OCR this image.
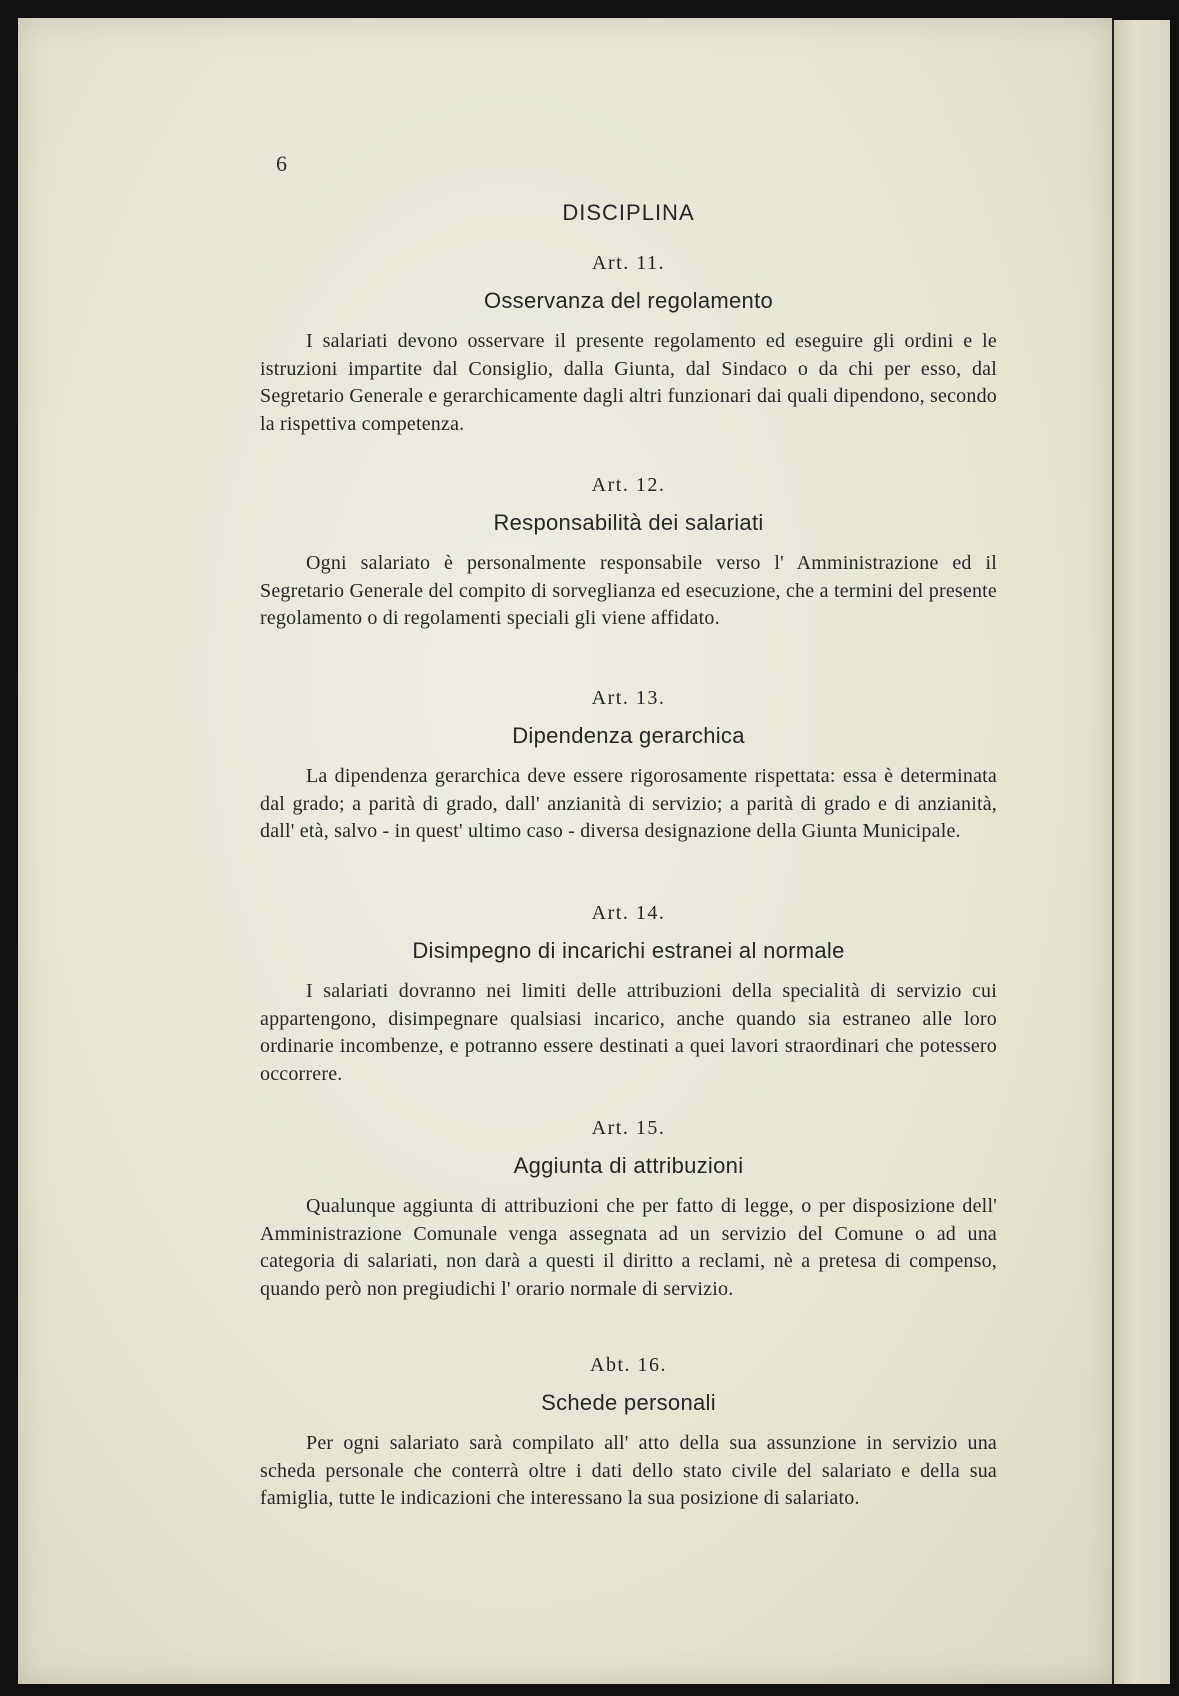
6
DISCIPLINA
Art. 11.
Osservanza del regolamento

I salariati devono osservare il presente regolamento ed eseguire gli ordini e le istruzioni impartite dal Consiglio, dalla Giunta, dal Sindaco o da chi per esso, dal Segretario Generale e gerarchicamente dagli altri funzionari dai quali dipendono, secondo la rispettiva competenza.

Art. 12.
Responsabilità dei salariati

Ogni salariato è personalmente responsabile verso l' Amministrazione ed il Segretario Generale del compito di sorveglianza ed esecuzione, che a termini del presente regolamento o di regolamenti speciali gli viene affidato.

Art. 13.
Dipendenza gerarchica

La dipendenza gerarchica deve essere rigorosamente rispettata: essa è determinata dal grado; a parità di grado, dall' anzianità di servizio; a parità di grado e di anzianità, dall' età, salvo - in quest' ultimo caso - diversa designazione della Giunta Municipale.

Art. 14.
Disimpegno di incarichi estranei al normale

I salariati dovranno nei limiti delle attribuzioni della specialità di servizio cui appartengono, disimpegnare qualsiasi incarico, anche quando sia estraneo alle loro ordinarie incombenze, e potranno essere destinati a quei lavori straordinari che potessero occorrere.

Art. 15.
Aggiunta di attribuzioni

Qualunque aggiunta di attribuzioni che per fatto di legge, o per disposizione dell' Amministrazione Comunale venga assegnata ad un servizio del Comune o ad una categoria di salariati, non darà a questi il diritto a reclami, nè a pretesa di compenso, quando però non pregiudichi l' orario normale di servizio.

Abt. 16.
Schede personali

Per ogni salariato sarà compilato all' atto della sua assunzione in servizio una scheda personale che conterrà oltre i dati dello stato civile del salariato e della sua famiglia, tutte le indicazioni che interessano la sua posizione di salariato.
